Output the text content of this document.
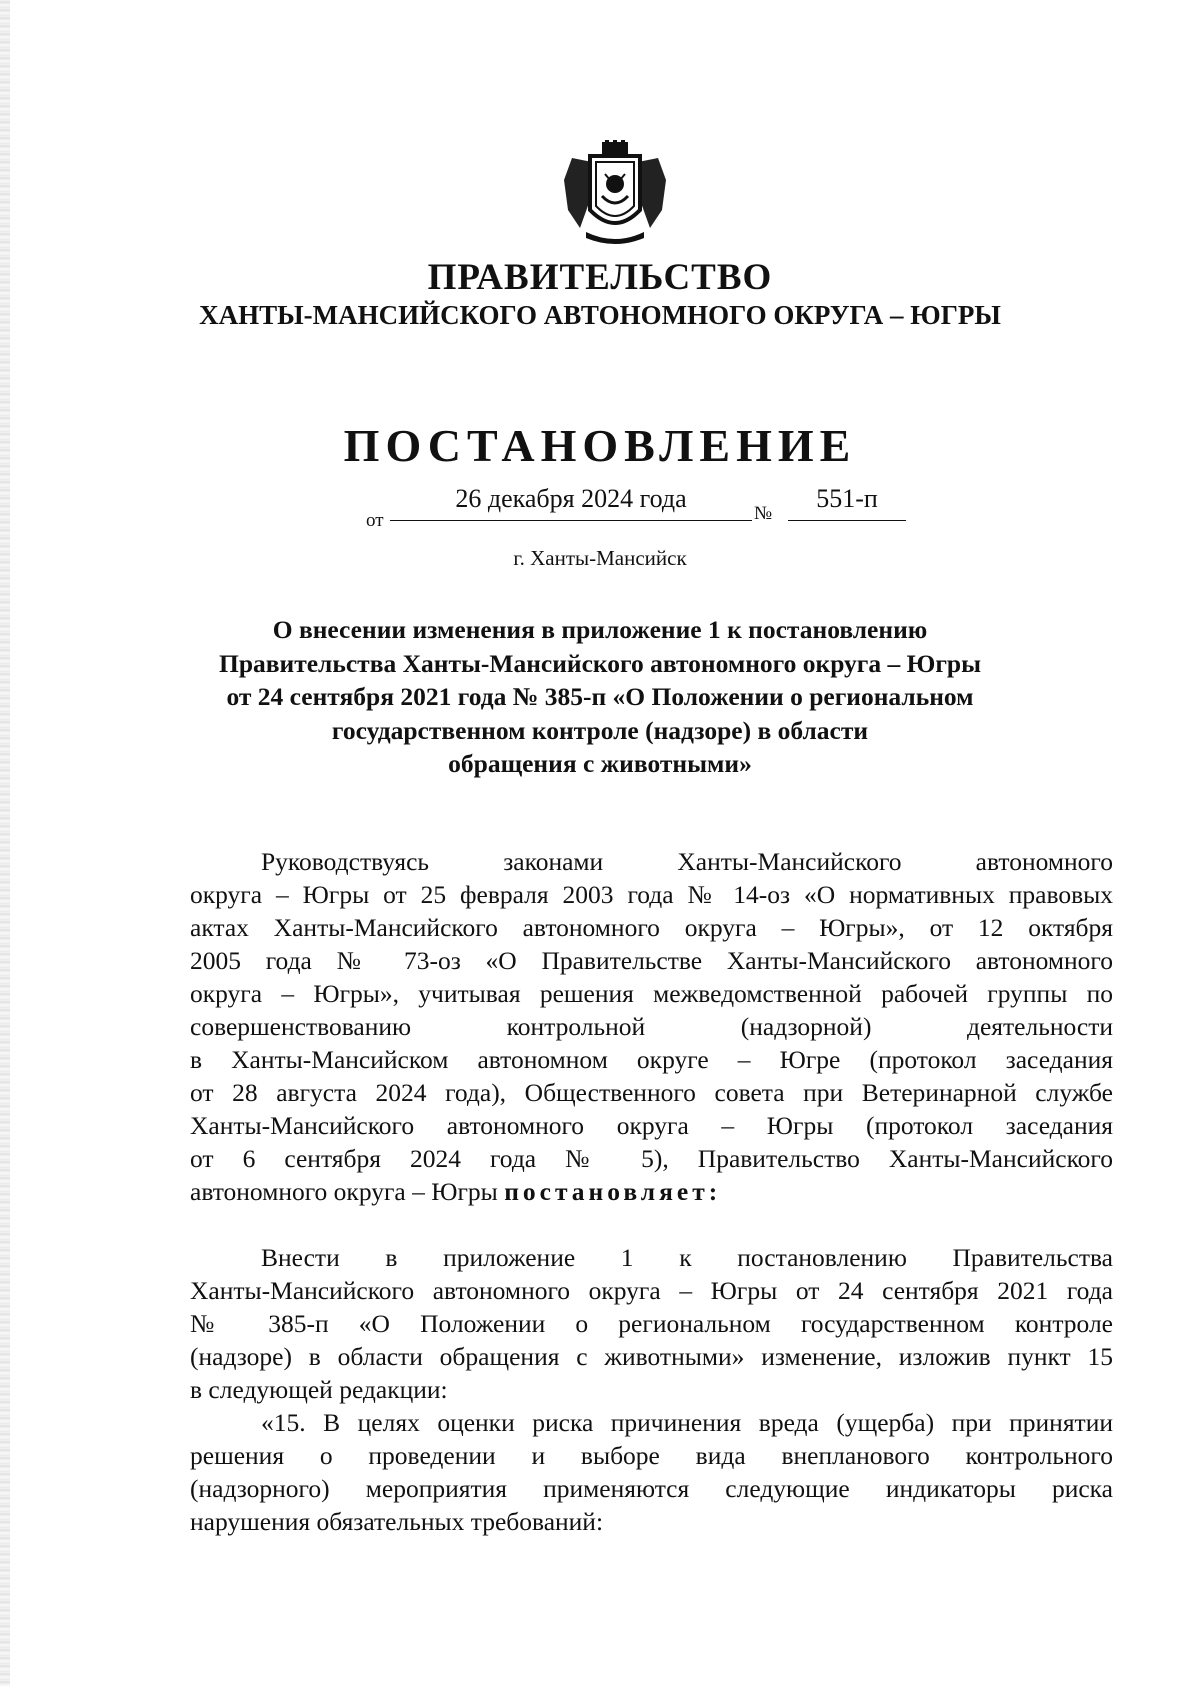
ПРАВИТЕЛЬСТВО
ХАНТЫ-МАНСИЙСКОГО АВТОНОМНОГО ОКРУГА – ЮГРЫ
ПОСТАНОВЛЕНИЕ
от
26 декабря 2024 года
№
551-п
г. Ханты-Мансийск
О внесении изменения в приложение 1 к постановлению
Правительства Ханты-Мансийского автономного округа – Югры
от 24 сентября 2021 года № 385-п «О Положении о региональном
государственном контроле (надзоре) в области
обращения с животными»
Руководствуясь законами Ханты-Мансийского автономного
округа – Югры от 25 февраля 2003 года № 14-оз «О нормативных правовых
актах Ханты-Мансийского автономного округа – Югры», от 12 октября
2005 года № 73-оз «О Правительстве Ханты-Мансийского автономного
округа – Югры», учитывая решения межведомственной рабочей группы по
совершенствованию контрольной (надзорной) деятельности
в Ханты-Мансийском автономном округе – Югре (протокол заседания
от 28 августа 2024 года), Общественного совета при Ветеринарной службе
Ханты-Мансийского автономного округа – Югры (протокол заседания
от 6 сентября 2024 года № 5), Правительство Ханты-Мансийского
автономного округа – Югры постановляет:
Внести в приложение 1 к постановлению Правительства
Ханты-Мансийского автономного округа – Югры от 24 сентября 2021 года
№ 385-п «О Положении о региональном государственном контроле
(надзоре) в области обращения с животными» изменение, изложив пункт 15
в следующей редакции:
«15. В целях оценки риска причинения вреда (ущерба) при принятии
решения о проведении и выборе вида внепланового контрольного
(надзорного) мероприятия применяются следующие индикаторы риска
нарушения обязательных требований:
